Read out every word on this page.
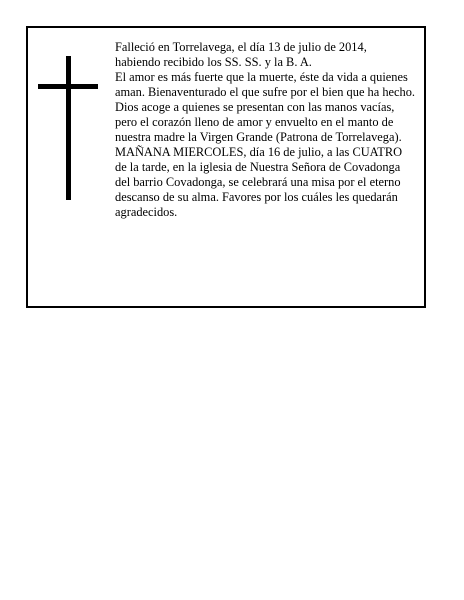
Falleció en Torrelavega, el día 13 de julio de 2014, habiendo recibido los SS. SS. y la B. A.

El amor es más fuerte que la muerte, éste da vida a quienes aman. Bienaventurado el que sufre por el bien que ha hecho. Dios acoge a quienes se presentan con las manos vacías, pero el corazón lleno de amor y envuelto en el manto de nuestra madre la Virgen Grande (Patrona de Torrelavega).

MAÑANA MIERCOLES, día 16 de julio, a las CUATRO de la tarde, en la iglesia de Nuestra Señora de Covadonga del barrio Covadonga, se celebrará una misa por el eterno descanso de su alma. Favores por los cuáles les quedarán agradecidos.
